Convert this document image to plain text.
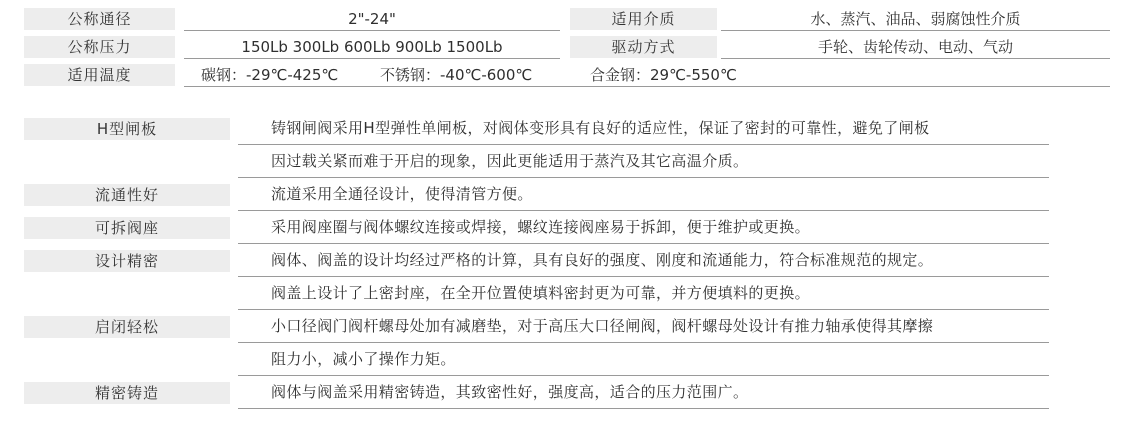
公称通径	2"-24"	适用介质	水、蒸汽、油品、弱腐蚀性介质
公称压力	150Lb 300Lb 600Lb 900Lb 1500Lb	驱动方式	手轮、齿轮传动、电动、气动
适用温度	碳钢：-29℃-425℃	不锈钢：-40℃-600℃	合金钢：29℃-550℃
H型闸板	铸钢闸阀采用H型弹性单闸板，对阀体变形具有良好的适应性，保证了密封的可靠性，避免了闸板
因过载关紧而难于开启的现象，因此更能适用于蒸汽及其它高温介质。
流通性好	流道采用全通径设计，使得清管方便。
可拆阀座	采用阀座圈与阀体螺纹连接或焊接，螺纹连接阀座易于拆卸，便于维护或更换。
设计精密	阀体、阀盖的设计均经过严格的计算，具有良好的强度、刚度和流通能力，符合标准规范的规定。
阀盖上设计了上密封座，在全开位置使填料密封更为可靠，并方便填料的更换。
启闭轻松	小口径阀门阀杆螺母处加有减磨垫，对于高压大口径闸阀，阀杆螺母处设计有推力轴承使得其摩擦
阻力小，减小了操作力矩。
精密铸造	阀体与阀盖采用精密铸造，其致密性好，强度高，适合的压力范围广。
